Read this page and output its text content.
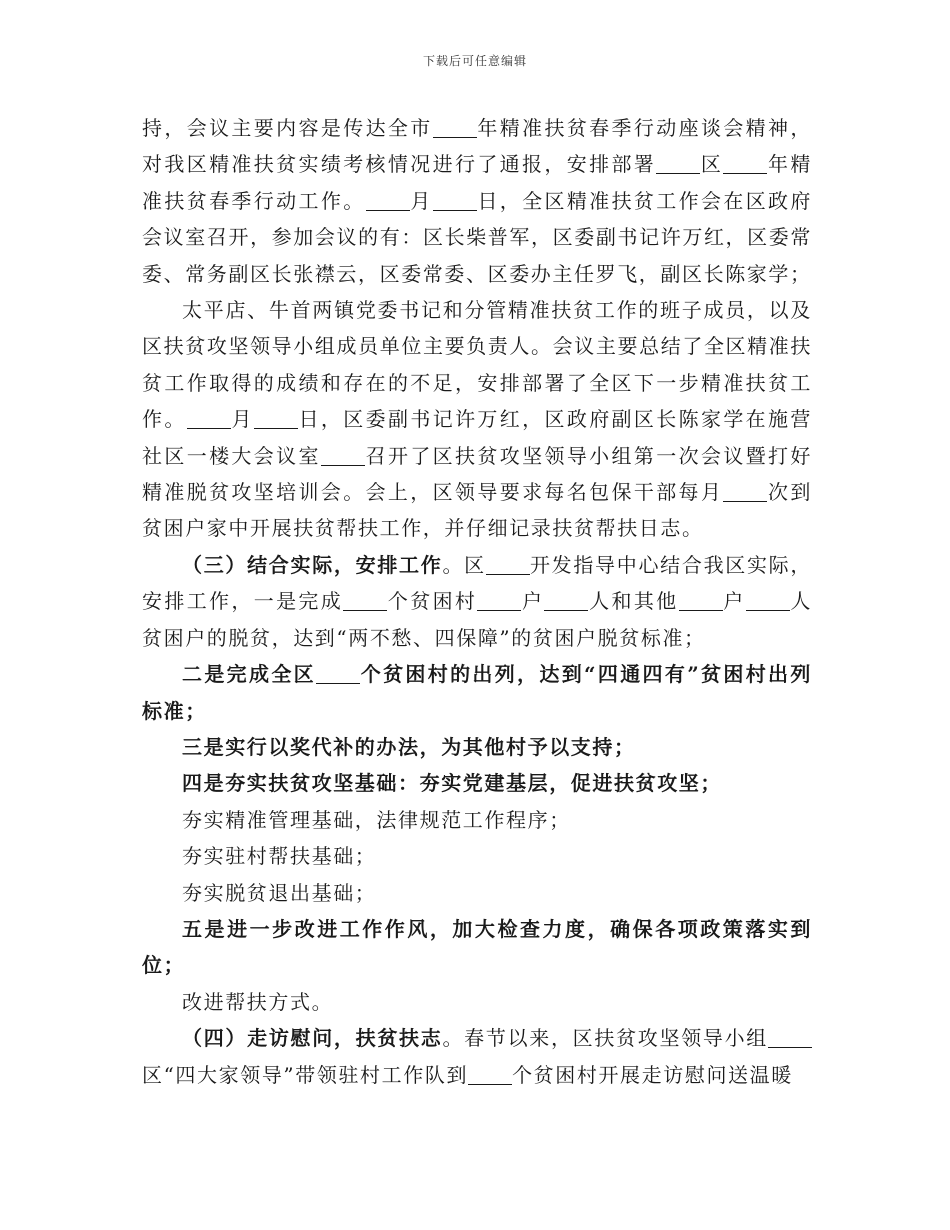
下载后可任意编辑

持，会议主要内容是传达全市 年精准扶贫春季行动座谈会精神，对我区精准扶贫实绩考核情况进行了通报，安排部署 区 年精准扶贫春季行动工作。 月 日，全区精准扶贫工作会在区政府会议室召开，参加会议的有：区长柴普军，区委副书记许万红，区委常委、常务副区长张襟云，区委常委、区委办主任罗飞，副区长陈家学；

太平店、牛首两镇党委书记和分管精准扶贫工作的班子成员，以及区扶贫攻坚领导小组成员单位主要负责人。会议主要总结了全区精准扶贫工作取得的成绩和存在的不足，安排部署了全区下一步精准扶贫工作。 月 日，区委副书记许万红，区政府副区长陈家学在施营社区一楼大会议室 召开了区扶贫攻坚领导小组第一次会议暨打好精准脱贫攻坚培训会。会上，区领导要求每名包保干部每月 次到贫困户家中开展扶贫帮扶工作，并仔细记录扶贫帮扶日志。

（三）结合实际，安排工作。区 开发指导中心结合我区实际，安排工作，一是完成 个贫困村 户 人和其他 户 人贫困户的脱贫，达到“两不愁、四保障”的贫困户脱贫标准；

二是完成全区 个贫困村的出列，达到“四通四有”贫困村出列标准；

三是实行以奖代补的办法，为其他村予以支持；

四是夯实扶贫攻坚基础：夯实党建基层，促进扶贫攻坚；

夯实精准管理基础，法律规范工作程序；

夯实驻村帮扶基础；

夯实脱贫退出基础；

五是进一步改进工作作风，加大检查力度，确保各项政策落实到位；

改进帮扶方式。

（四）走访慰问，扶贫扶志。春节以来，区扶贫攻坚领导小组区“四大家领导”带领驻村工作队到 个贫困村开展走访慰问送温暖
